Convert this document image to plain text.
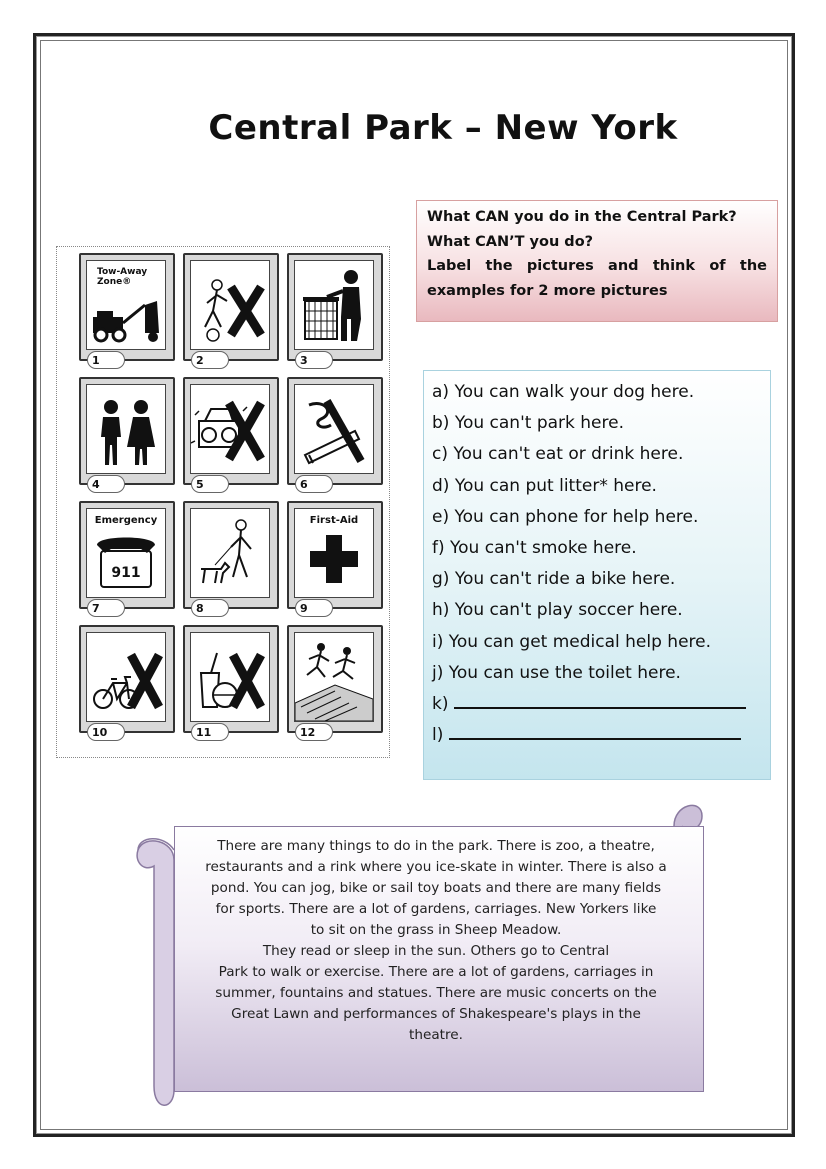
Central Park – New York
What CAN you do in the Central Park?
What CAN’T you do?
Label the pictures and think of the
examples for 2 more pictures
Tow-Away Zone®
1	2	3
4	5	6
Emergency
911
7	8
First-Aid
9
10	11	12
a) You can walk your dog here.
b) You can't park here.
c) You can't eat or drink here.
d) You can put litter* here.
e) You can phone for help here.
f) You can't smoke here.
g) You can't ride a bike here.
h) You can't play soccer here.
i) You can get medical help here.
j) You can use the toilet here.
k)
l)
There are many things to do in the park. There is zoo, a theatre,
restaurants and a rink where you ice-skate in winter. There is also a
pond. You can jog, bike or sail toy boats and there are many fields
for sports. There are a lot of gardens, carriages. New Yorkers like
to sit on the grass in Sheep Meadow.
They read or sleep in the sun. Others go to Central
Park to walk or exercise. There are a lot of gardens, carriages in
summer, fountains and statues. There are music concerts on the
Great Lawn and performances of Shakespeare's plays in the
theatre.
